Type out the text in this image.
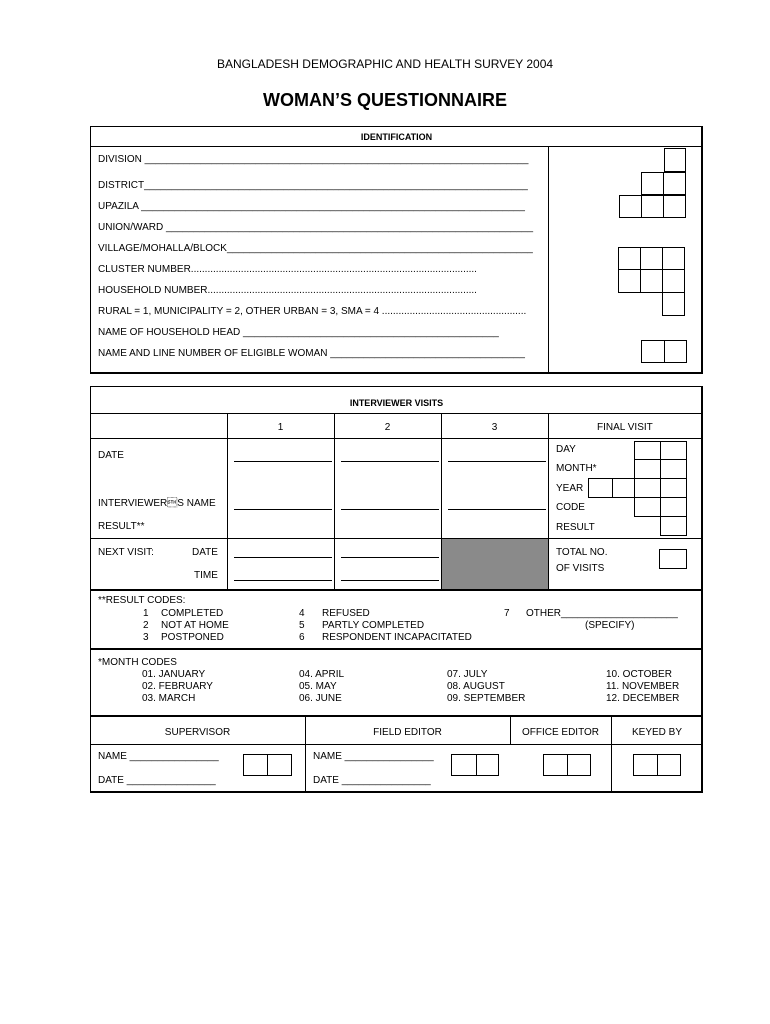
BANGLADESH DEMOGRAPHIC AND HEALTH SURVEY 2004
WOMAN’S QUESTIONNAIRE
IDENTIFICATION
DIVISION _____________________________________________________________________
DISTRICT_____________________________________________________________________
UPAZILA _____________________________________________________________________
UNION/WARD __________________________________________________________________
VILLAGE/MOHALLA/BLOCK_______________________________________________________
CLUSTER NUMBER.......................................................................................................
HOUSEHOLD NUMBER.................................................................................................
RURAL = 1, MUNICIPALITY = 2, OTHER URBAN = 3, SMA = 4 ....................................................
NAME OF HOUSEHOLD HEAD ______________________________________________
NAME AND LINE NUMBER OF ELIGIBLE WOMAN ___________________________________
INTERVIEWER VISITS
1	2	3	FINAL VISIT
DATE
INTERVIEWERS NAME
RESULT**
DAY
MONTH*
YEAR
CODE
RESULT
NEXT VISIT:	DATE
TIME
TOTAL NO.
OF VISITS
**RESULT CODES:
1 COMPLETED
2 NOT AT HOME
3 POSTPONED
4 REFUSED
5 PARTLY COMPLETED
6 RESPONDENT INCAPACITATED
7 OTHER_____________________
(SPECIFY)
*MONTH CODES
01. JANUARY
02. FEBRUARY
03. MARCH
04. APRIL
05. MAY
06. JUNE
07. JULY
08. AUGUST
09. SEPTEMBER
10. OCTOBER
11. NOVEMBER
12. DECEMBER
SUPERVISOR	FIELD EDITOR	OFFICE EDITOR	KEYED BY
NAME ________________
DATE ________________
NAME ________________
DATE ________________
